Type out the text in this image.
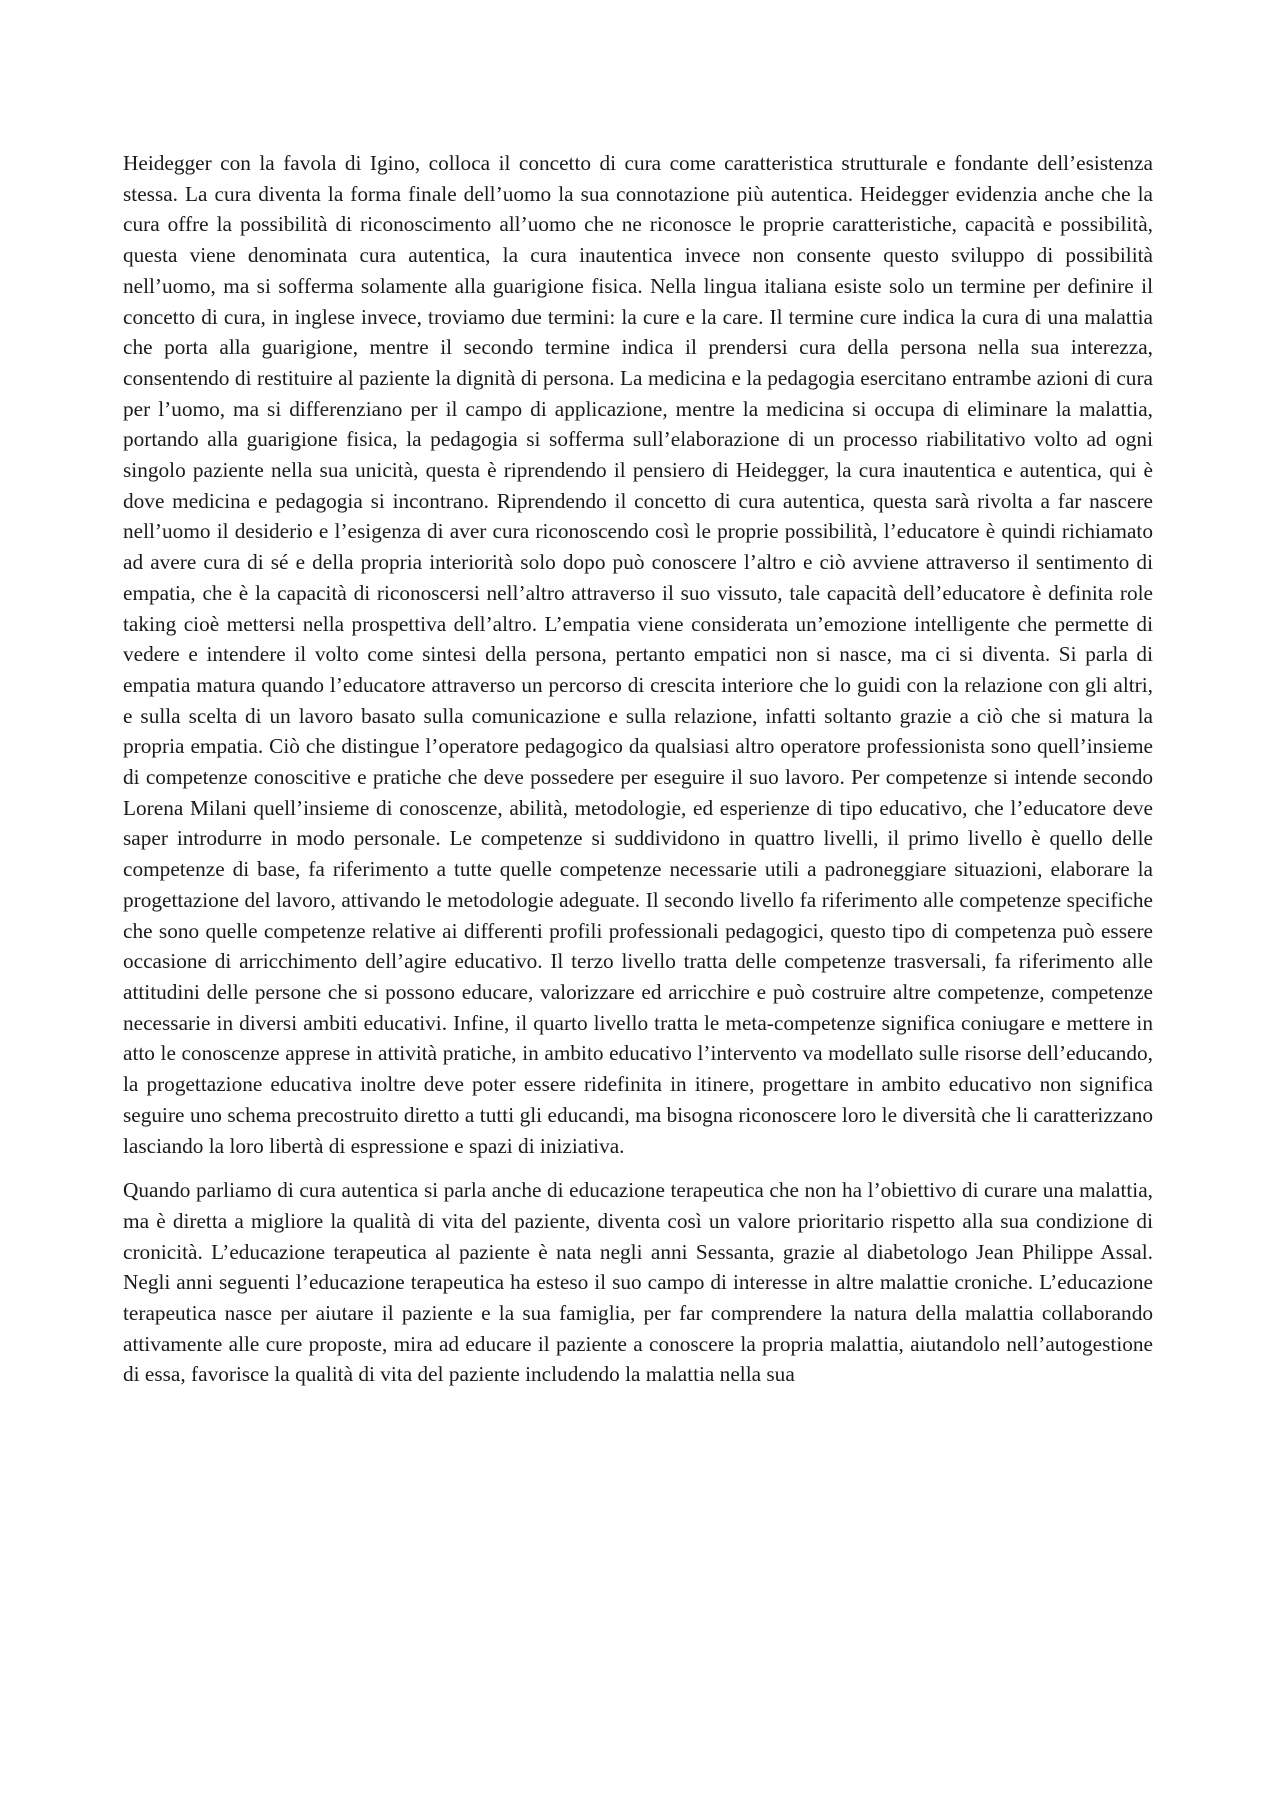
Heidegger con la favola di Igino, colloca il concetto di cura come caratteristica strutturale e fondante dell’esistenza stessa. La cura diventa la forma finale dell’uomo la sua connotazione più autentica. Heidegger evidenzia anche che la cura offre la possibilità di riconoscimento all’uomo che ne riconosce le proprie caratteristiche, capacità e possibilità, questa viene denominata cura autentica, la cura inautentica invece non consente questo sviluppo di possibilità nell’uomo, ma si sofferma solamente alla guarigione fisica. Nella lingua italiana esiste solo un termine per definire il concetto di cura, in inglese invece, troviamo due termini: la cure e la care. Il termine cure indica la cura di una malattia che porta alla guarigione, mentre il secondo termine indica il prendersi cura della persona nella sua interezza, consentendo di restituire al paziente la dignità di persona. La medicina e la pedagogia esercitano entrambe azioni di cura per l’uomo, ma si differenziano per il campo di applicazione, mentre la medicina si occupa di eliminare la malattia, portando alla guarigione fisica, la pedagogia si sofferma sull’elaborazione di un processo riabilitativo volto ad ogni singolo paziente nella sua unicità, questa è riprendendo il pensiero di Heidegger, la cura inautentica e autentica, qui è dove medicina e pedagogia si incontrano. Riprendendo il concetto di cura autentica, questa sarà rivolta a far nascere nell’uomo il desiderio e l’esigenza di aver cura riconoscendo così le proprie possibilità, l’educatore è quindi richiamato ad avere cura di sé e della propria interiorità solo dopo può conoscere l’altro e ciò avviene attraverso il sentimento di empatia, che è la capacità di riconoscersi nell’altro attraverso il suo vissuto, tale capacità dell’educatore è definita role taking cioè mettersi nella prospettiva dell’altro. L’empatia viene considerata un’emozione intelligente che permette di vedere e intendere il volto come sintesi della persona, pertanto empatici non si nasce, ma ci si diventa. Si parla di empatia matura quando l’educatore attraverso un percorso di crescita interiore che lo guidi con la relazione con gli altri, e sulla scelta di un lavoro basato sulla comunicazione e sulla relazione, infatti soltanto grazie a ciò che si matura la propria empatia. Ciò che distingue l’operatore pedagogico da qualsiasi altro operatore professionista sono quell’insieme di competenze conoscitive e pratiche che deve possedere per eseguire il suo lavoro. Per competenze si intende secondo Lorena Milani quell’insieme di conoscenze, abilità, metodologie, ed esperienze di tipo educativo, che l’educatore deve saper introdurre in modo personale. Le competenze si suddividono in quattro livelli, il primo livello è quello delle competenze di base, fa riferimento a tutte quelle competenze necessarie utili a padroneggiare situazioni, elaborare la progettazione del lavoro, attivando le metodologie adeguate. Il secondo livello fa riferimento alle competenze specifiche che sono quelle competenze relative ai differenti profili professionali pedagogici, questo tipo di competenza può essere occasione di arricchimento dell’agire educativo. Il terzo livello tratta delle competenze trasversali, fa riferimento alle attitudini delle persone che si possono educare, valorizzare ed arricchire e può costruire altre competenze, competenze necessarie in diversi ambiti educativi. Infine, il quarto livello tratta le meta-competenze significa coniugare e mettere in atto le conoscenze apprese in attività pratiche, in ambito educativo l’intervento va modellato sulle risorse dell’educando, la progettazione educativa inoltre deve poter essere ridefinita in itinere, progettare in ambito educativo non significa seguire uno schema precostruito diretto a tutti gli educandi, ma bisogna riconoscere loro le diversità che li caratterizzano lasciando la loro libertà di espressione e spazi di iniziativa.

Quando parliamo di cura autentica si parla anche di educazione terapeutica che non ha l’obiettivo di curare una malattia, ma è diretta a migliore la qualità di vita del paziente, diventa così un valore prioritario rispetto alla sua condizione di cronicità. L’educazione terapeutica al paziente è nata negli anni Sessanta, grazie al diabetologo Jean Philippe Assal. Negli anni seguenti l’educazione terapeutica ha esteso il suo campo di interesse in altre malattie croniche. L’educazione terapeutica nasce per aiutare il paziente e la sua famiglia, per far comprendere la natura della malattia collaborando attivamente alle cure proposte, mira ad educare il paziente a conoscere la propria malattia, aiutandolo nell’autogestione di essa, favorisce la qualità di vita del paziente includendo la malattia nella sua
